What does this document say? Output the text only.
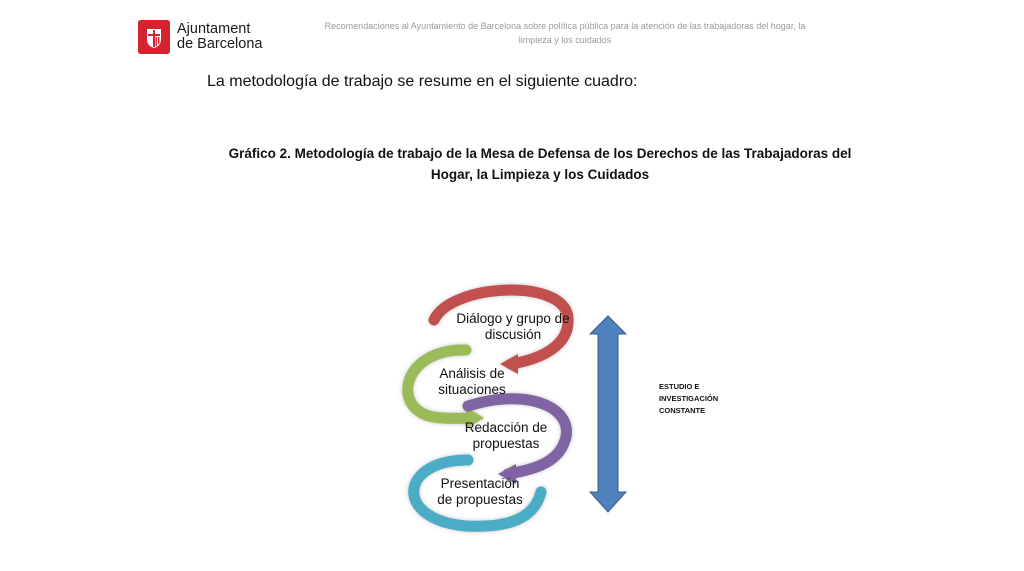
Ajuntament
de Barcelona
Recomendaciones al Ayuntamiento de Barcelona sobre política pública para la atención de las trabajadoras del hogar, la
limpieza y los cuidados
La metodología de trabajo se resume en el siguiente cuadro:
Gráfico 2. Metodología de trabajo de la Mesa de Defensa de los Derechos de las Trabajadoras del
Hogar, la Limpieza y los Cuidados
Diálogo y grupo de
discusión
Análisis de
situaciones
Redacción de
propuestas
Presentación
de propuestas
ESTUDIO E
INVESTIGACIÓN
CONSTANTE
